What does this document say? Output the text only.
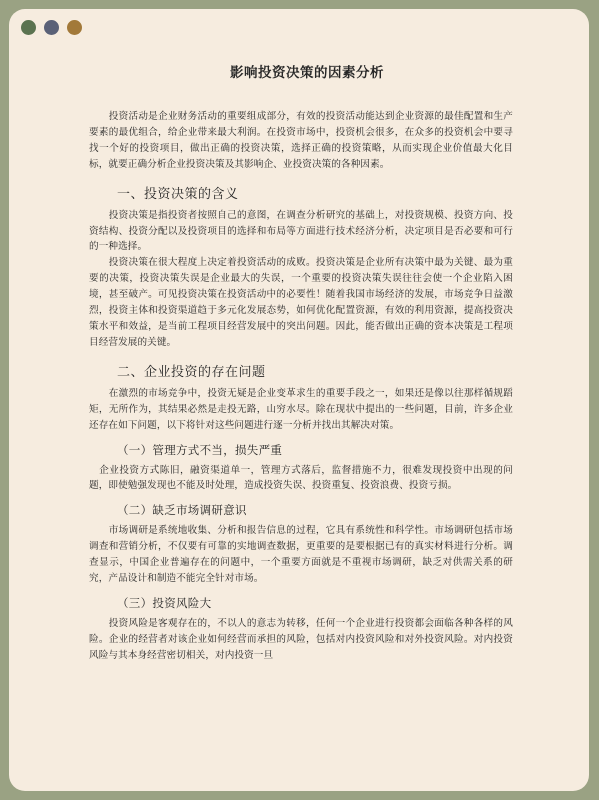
影响投资决策的因素分析

　　投资活动是企业财务活动的重要组成部分，有效的投资活动能达到企业资源的最佳配置和生产要素的最优组合，给企业带来最大利润。在投资市场中，投资机会很多，在众多的投资机会中要寻找一个好的投资项目，做出正确的投资决策，选择正确的投资策略，从而实现企业价值最大化目标，就要正确分析企业投资决策及其影响企、业投资决策的各种因素。

一、投资决策的含义

　　投资决策是指投资者按照自己的意图，在调查分析研究的基础上，对投资规模、投资方向、投资结构、投资分配以及投资项目的选择和布局等方面进行技术经济分析，决定项目是否必要和可行的一种选择。

　　投资决策在很大程度上决定着投资活动的成败。投资决策是企业所有决策中最为关键、最为重要的决策，投资决策失误是企业最大的失误，一个重要的投资决策失误往往会使一个企业陷入困境，甚至破产。可见投资决策在投资活动中的必要性！随着我国市场经济的发展，市场竞争日益激烈，投资主体和投资渠道趋于多元化发展态势，如何优化配置资源，有效的利用资源，提高投资决策水平和效益，是当前工程项目经营发展中的突出问题。因此，能否做出正确的资本决策是工程项目经营发展的关键。

二、企业投资的存在问题

　　在激烈的市场竞争中，投资无疑是企业变革求生的重要手段之一，如果还是像以往那样循规蹈矩，无所作为，其结果必然是走投无路，山穷水尽。除在现状中提出的一些问题，目前，许多企业还存在如下问题，以下将针对这些问题进行逐一分析并找出其解决对策。

（一）管理方式不当，损失严重

　企业投资方式陈旧，融资渠道单一，管理方式落后，监督措施不力，很难发现投资中出现的问题，即使勉强发现也不能及时处理，造成投资失误、投资重复、投资浪费、投资亏损。

（二）缺乏市场调研意识

　　市场调研是系统地收集、分析和报告信息的过程，它具有系统性和科学性。市场调研包括市场调查和营销分析，不仅要有可靠的实地调查数据，更重要的是要根据已有的真实材料进行分析。调查显示，中国企业普遍存在的问题中，一个重要方面就是不重视市场调研，缺乏对供需关系的研究，产品设计和制造不能完全针对市场。

（三）投资风险大

　　投资风险是客观存在的，不以人的意志为转移，任何一个企业进行投资都会面临各种各样的风险。企业的经营者对该企业如何经营而承担的风险，包括对内投资风险和对外投资风险。对内投资风险与其本身经营密切相关，对内投资一旦
